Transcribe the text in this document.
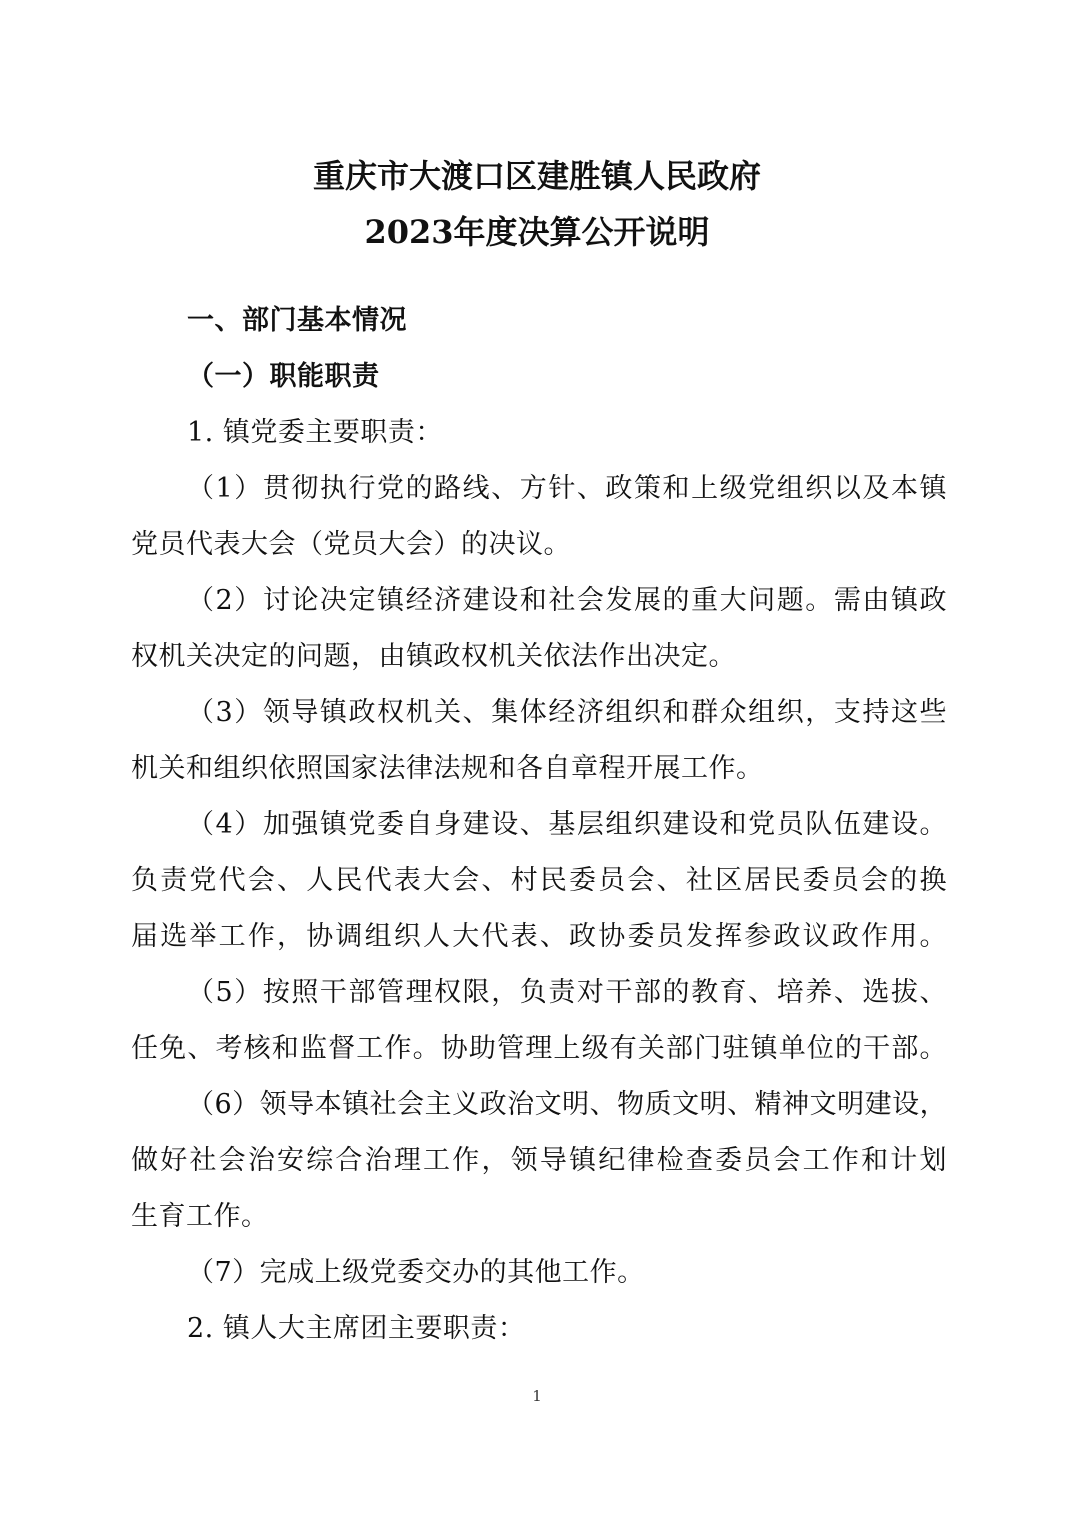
重庆市大渡口区建胜镇人民政府
2023年度决算公开说明
一、部门基本情况
（一）职能职责
1. 镇党委主要职责：
（1）贯彻执行党的路线、方针、政策和上级党组织以及本镇
党员代表大会（党员大会）的决议。
（2）讨论决定镇经济建设和社会发展的重大问题。需由镇政
权机关决定的问题，由镇政权机关依法作出决定。
（3）领导镇政权机关、集体经济组织和群众组织，支持这些
机关和组织依照国家法律法规和各自章程开展工作。
（4）加强镇党委自身建设、基层组织建设和党员队伍建设。
负责党代会、人民代表大会、村民委员会、社区居民委员会的换
届选举工作，协调组织人大代表、政协委员发挥参政议政作用。
（5）按照干部管理权限，负责对干部的教育、培养、选拔、
任免、考核和监督工作。协助管理上级有关部门驻镇单位的干部。
（6）领导本镇社会主义政治文明、物质文明、精神文明建设，
做好社会治安综合治理工作，领导镇纪律检查委员会工作和计划
生育工作。
（7）完成上级党委交办的其他工作。
2. 镇人大主席团主要职责：
1
